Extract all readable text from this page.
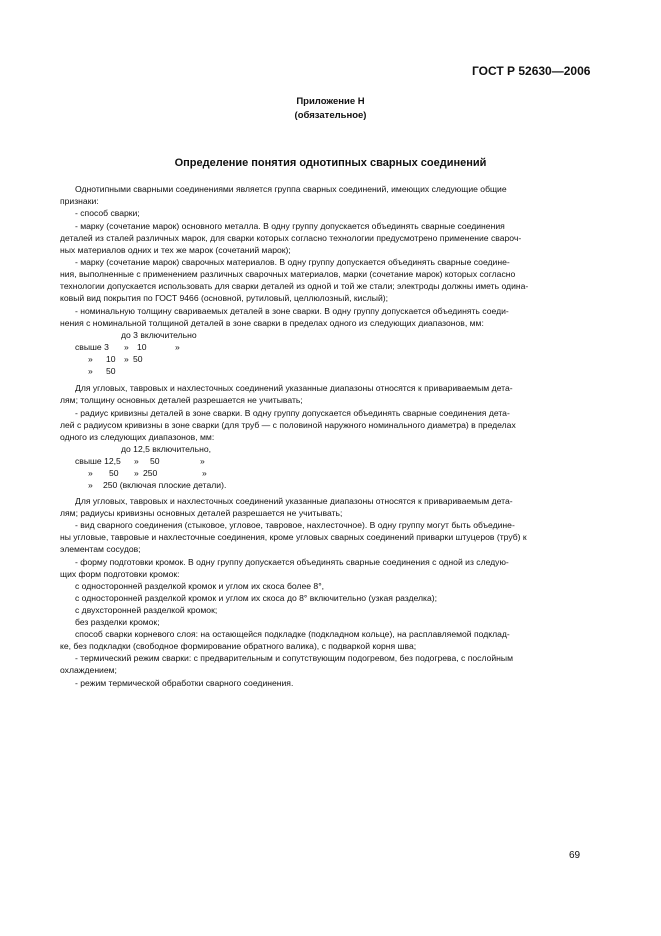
ГОСТ Р 52630—2006
Приложение Н
(обязательное)
Определение понятия однотипных сварных соединений
Однотипными сварными соединениями является группа сварных соединений, имеющих следующие общие
признаки:
- способ сварки;
- марку (сочетание марок) основного металла. В одну группу допускается объединять сварные соединения
деталей из сталей различных марок, для сварки которых согласно технологии предусмотрено применение свароч-
ных материалов одних и тех же марок (сочетаний марок);
- марку (сочетание марок) сварочных материалов. В одну группу допускается объединять сварные соедине-
ния, выполненные с применением различных сварочных материалов, марки (сочетание марок) которых согласно
технологии допускается использовать для сварки деталей из одной и той же стали; электроды должны иметь одина-
ковый вид покрытия по ГОСТ 9466 (основной, рутиловый, целлюлозный, кислый);
- номинальную толщину свариваемых деталей в зоне сварки. В одну группу допускается объединять соеди-
нения с номинальной толщиной деталей в зоне сварки в пределах одного из следующих диапазонов, мм:
до 3 включительно
свыше 3 » 10	»
» 10 » 50
» 50
Для угловых, тавровых и нахлесточных соединений указанные диапазоны относятся к привариваемым дета-
лям; толщину основных деталей разрешается не учитывать;
- радиус кривизны деталей в зоне сварки. В одну группу допускается объединять сварные соединения дета-
лей с радиусом кривизны в зоне сварки (для труб — с половиной наружного номинального диаметра) в пределах
одного из следующих диапазонов, мм:
до 12,5 включительно,
свыше 12,5 » 50	»
» 50 » 250	»
» 250 (включая плоские детали).
Для угловых, тавровых и нахлесточных соединений указанные диапазоны относятся к привариваемым дета-
лям; радиусы кривизны основных деталей разрешается не учитывать;
- вид сварного соединения (стыковое, угловое, тавровое, нахлесточное). В одну группу могут быть объедине-
ны угловые, тавровые и нахлесточные соединения, кроме угловых сварных соединений приварки штуцеров (труб) к
элементам сосудов;
- форму подготовки кромок. В одну группу допускается объединять сварные соединения с одной из следую-
щих форм подготовки кромок:
с односторонней разделкой кромок и углом их скоса более 8°,
с односторонней разделкой кромок и углом их скоса до 8° включительно (узкая разделка);
с двухсторонней разделкой кромок;
без разделки кромок;
способ сварки корневого слоя: на остающейся подкладке (подкладном кольце), на расплавляемой подклад-
ке, без подкладки (свободное формирование обратного валика), с подваркой корня шва;
- термический режим сварки: с предварительным и сопутствующим подогревом, без подогрева, с послойным
охлаждением;
- режим термической обработки сварного соединения.
69
